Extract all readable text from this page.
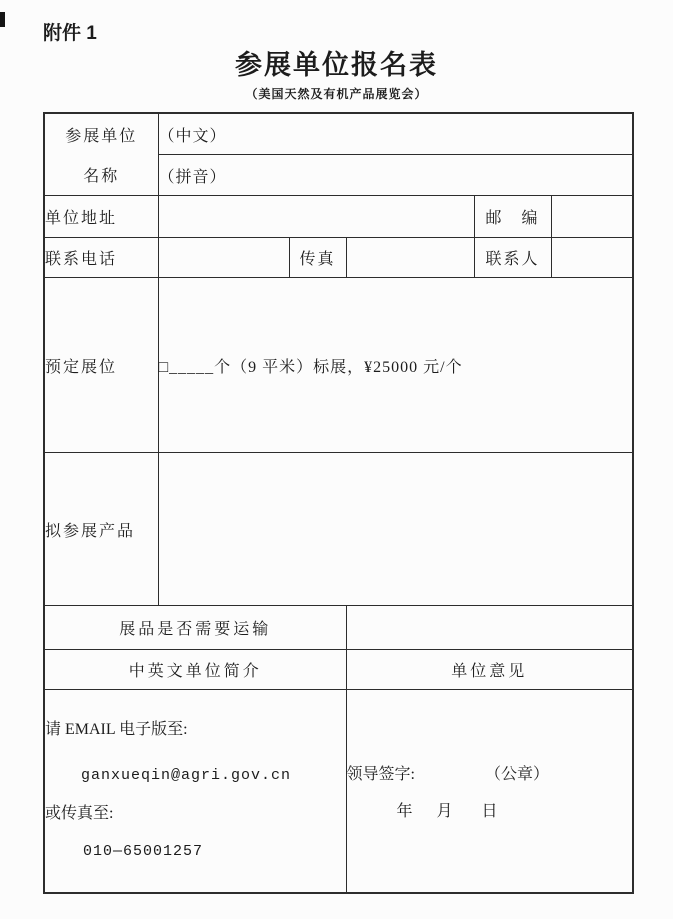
附件 1
参展单位报名表
（美国天然及有机产品展览会）
参展单位
名称	（中文）				
	（拼音）				
单位地址				邮　编	
联系电话		传真		联系人	
预定展位	□_____个（9 平米）标展，¥25000 元/个				
拟参展产品					
展品是否需要运输					
中英文单位简介			单位意见		

请 EMAIL 电子版至:
ganxueqin@agri.gov.cn
或传真至:
010—65001257

领导签字:	（公章）
年 月 日
